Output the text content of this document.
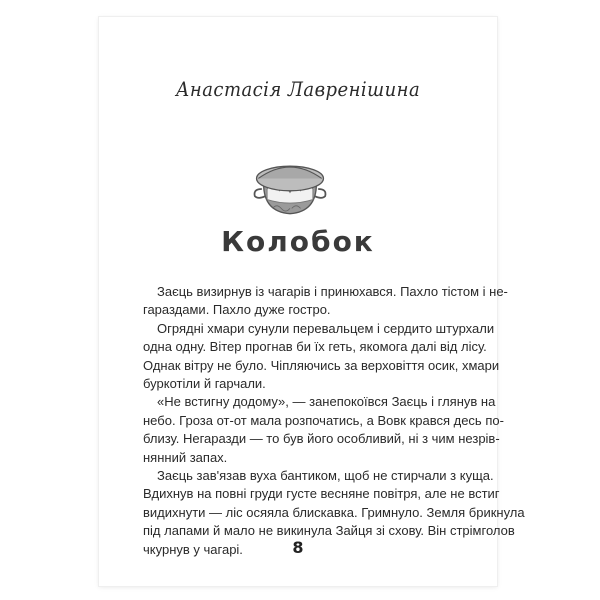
Анастасія Лавренішина
Колобок
Заєць визирнув із чагарів і принюхався. Пахло тістом і не-
гараздами. Пахло дуже гостро.
Огрядні хмари сунули перевальцем і сердито штурхали
одна одну. Вітер прогнав би їх геть, якомога далі від лісу.
Однак вітру не було. Чіпляючись за верховіття осик, хмари
буркотіли й гарчали.
«Не встигну додому», — занепокоївся Заєць і глянув на
небо. Гроза от-от мала розпочатись, а Вовк крався десь по-
близу. Негаразди — то був його особливий, ні з чим незрів-
нянний запах.
Заєць зав'язав вуха бантиком, щоб не стирчали з куща.
Вдихнув на повні груди густе весняне повітря, але не встиг
видихнути — ліс осяяла блискавка. Гримнуло. Земля брикнула
під лапами й мало не викинула Зайця зі схову. Він стрімголов
чкурнув у чагарі.	8
